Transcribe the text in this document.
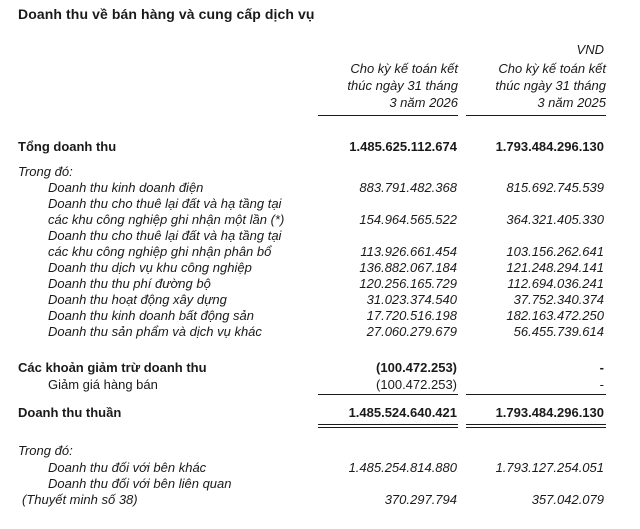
Doanh thu về bán hàng và cung cấp dịch vụ
VND
Cho kỳ kế toán kết
thúc ngày 31 tháng
3 năm 2026
Cho kỳ kế toán kết
thúc ngày 31 tháng
3 năm 2025
Tổng doanh thu	1.485.625.112.674	1.793.484.296.130
Trong đó:
Doanh thu kinh doanh điện	883.791.482.368	815.692.745.539
Doanh thu cho thuê lại đất và hạ tầng tại
các khu công nghiệp ghi nhận một lần (*)	154.964.565.522	364.321.405.330
Doanh thu cho thuê lại đất và hạ tầng tại
các khu công nghiệp ghi nhận phân bổ	113.926.661.454	103.156.262.641
Doanh thu dịch vụ khu công nghiệp	136.882.067.184	121.248.294.141
Doanh thu thu phí đường bộ	120.256.165.729	112.694.036.241
Doanh thu hoạt động xây dựng	31.023.374.540	37.752.340.374
Doanh thu kinh doanh bất động sản	17.720.516.198	182.163.472.250
Doanh thu sản phẩm và dịch vụ khác	27.060.279.679	56.455.739.614
Các khoản giảm trừ doanh thu	(100.472.253)	-
Giảm giá hàng bán	(100.472.253)	-
Doanh thu thuần	1.485.524.640.421	1.793.484.296.130
Trong đó:
Doanh thu đối với bên khác	1.485.254.814.880	1.793.127.254.051
Doanh thu đối với bên liên quan
(Thuyết minh số 38)	370.297.794	357.042.079
